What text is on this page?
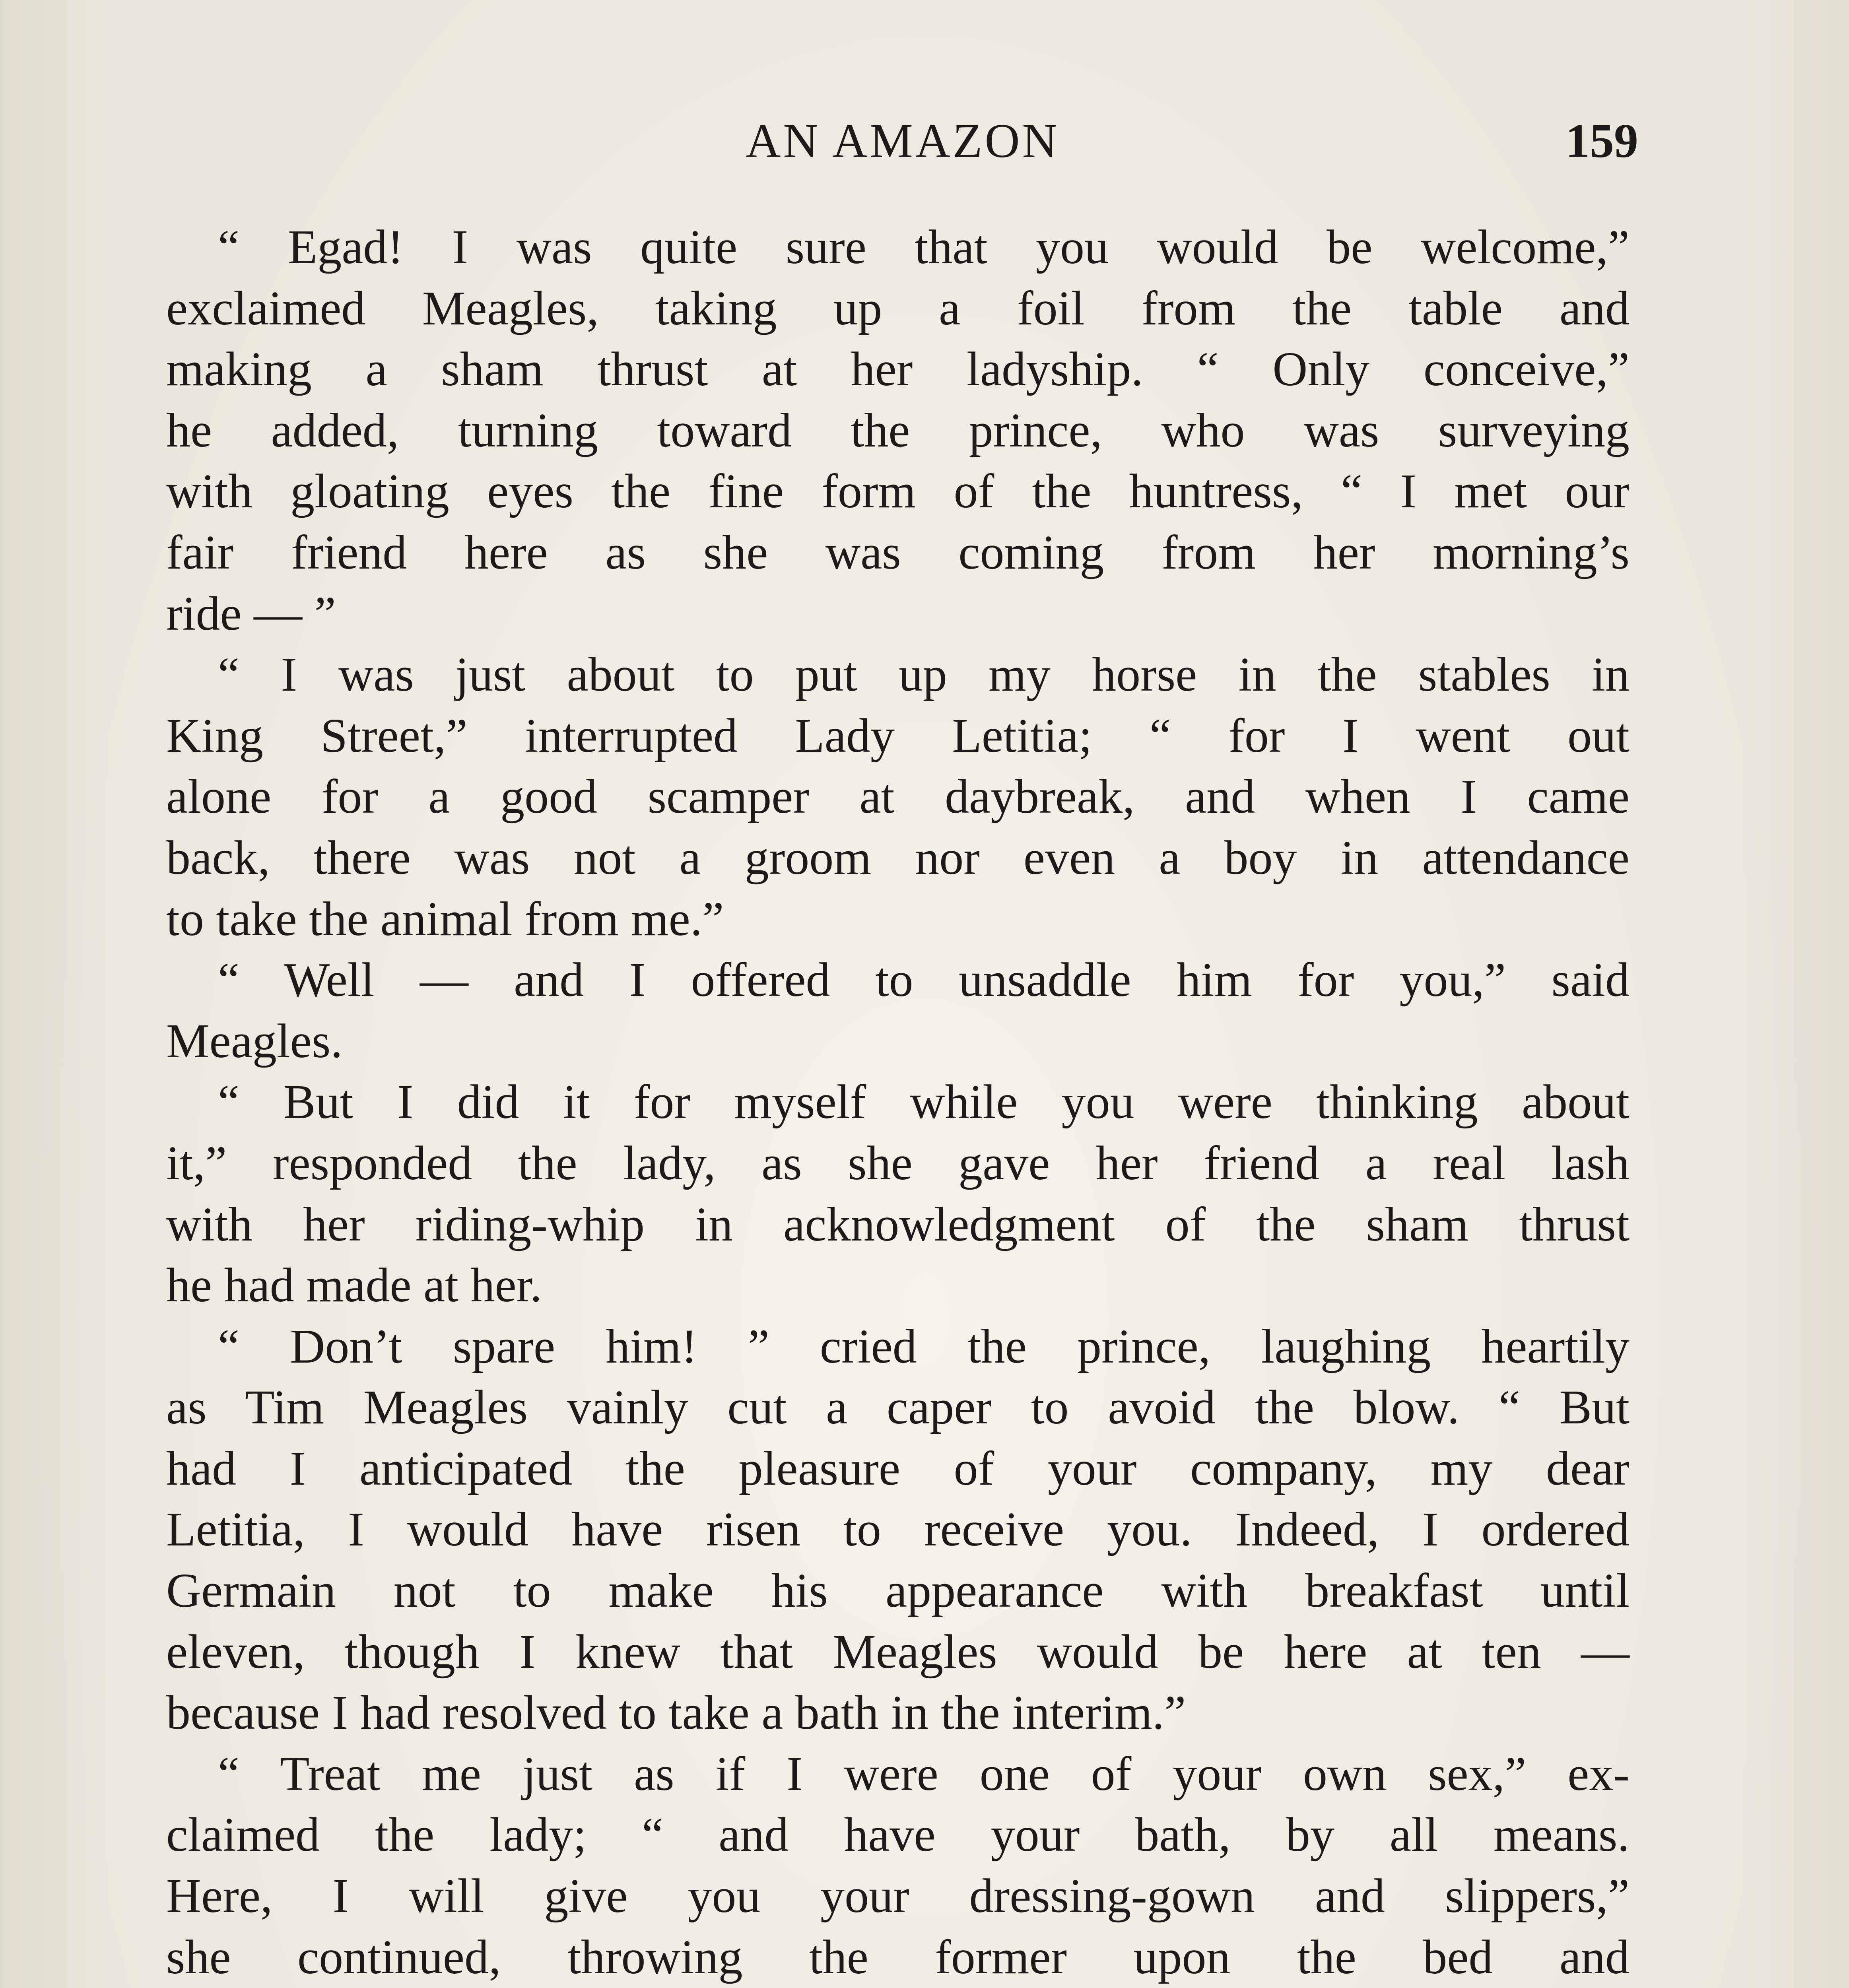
AN AMAZON	159
“ Egad! I was quite sure that you would be welcome,”
exclaimed Meagles, taking up a foil from the table and
making a sham thrust at her ladyship. “ Only conceive,”
he added, turning toward the prince, who was surveying
with gloating eyes the fine form of the huntress, “ I met our
fair friend here as she was coming from her morning’s
ride — ”
“ I was just about to put up my horse in the stables in
King Street,” interrupted Lady Letitia; “ for I went out
alone for a good scamper at daybreak, and when I came
back, there was not a groom nor even a boy in attendance
to take the animal from me.”
“ Well — and I offered to unsaddle him for you,” said
Meagles.
“ But I did it for myself while you were thinking about
it,” responded the lady, as she gave her friend a real lash
with her riding-whip in acknowledgment of the sham thrust
he had made at her.
“ Don’t spare him! ” cried the prince, laughing heartily
as Tim Meagles vainly cut a caper to avoid the blow. “ But
had I anticipated the pleasure of your company, my dear
Letitia, I would have risen to receive you. Indeed, I ordered
Germain not to make his appearance with breakfast until
eleven, though I knew that Meagles would be here at ten —
because I had resolved to take a bath in the interim.”
“ Treat me just as if I were one of your own sex,” ex-
claimed the lady; “ and have your bath, by all means.
Here, I will give you your dressing-gown and slippers,”
she continued, throwing the former upon the bed and
